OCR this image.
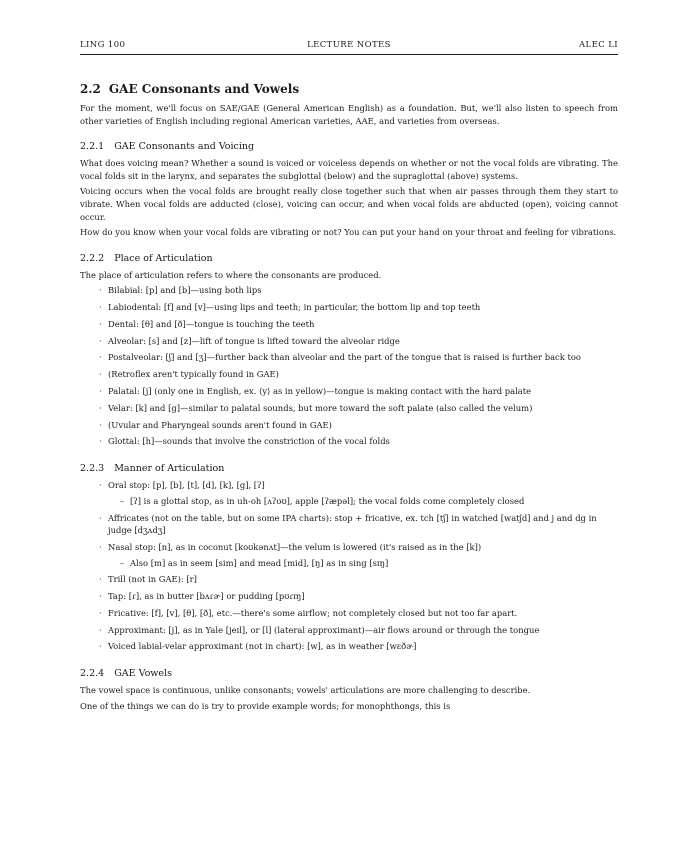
LING 100	LECTURE NOTES	ALEC LI
2.2 GAE Consonants and Vowels

For the moment, we'll focus on SAE/GAE (General American English) as a foundation. But, we'll also listen to speech from other varieties of English including regional American varieties, AAE, and varieties from overseas.

2.2.1 GAE Consonants and Voicing

What does voicing mean? Whether a sound is voiced or voiceless depends on whether or not the vocal folds are vibrating. The vocal folds sit in the larynx, and separates the subglottal (below) and the supraglottal (above) systems.

Voicing occurs when the vocal folds are brought really close together such that when air passes through them they start to vibrate. When vocal folds are adducted (close), voicing can occur, and when vocal folds are abducted (open), voicing cannot occur.

How do you know when your vocal folds are vibrating or not? You can put your hand on your throat and feeling for vibrations.

2.2.2 Place of Articulation

The place of articulation refers to where the consonants are produced.

· Bilabial: [p] and [b]—using both lips
· Labiodental: [f] and [v]—using lips and teeth; in particular, the bottom lip and top teeth
· Dental: [θ] and [ð]—tongue is touching the teeth
· Alveolar: [s] and [z]—lift of tongue is lifted toward the alveolar ridge
· Postalveolar: [ʃ] and [ʒ]—further back than alveolar and the part of the tongue that is raised is further back too
· (Retroflex aren't typically found in GAE)
· Palatal: [j] (only one in English, ex. ⟨y⟩ as in yellow)—tongue is making contact with the hard palate
· Velar: [k] and [g]—similar to palatal sounds, but more toward the soft palate (also called the velum)
· (Uvular and Pharyngeal sounds aren't found in GAE)
· Glottal: [h]—sounds that involve the constriction of the vocal folds
2.2.3 Manner of Articulation
· Oral stop: [p], [b], [t], [d], [k], [g], [ʔ]
– [ʔ] is a glottal stop, as in uh-oh [ʌʔoʊ], apple [ʔæpəl]; the vocal folds come completely closed
· Affricates (not on the table, but on some IPA charts): stop + fricative, ex. tch [tʃ] in watched [watʃd] and j and dg in judge [dʒʌdʒ]
· Nasal stop: [n], as in coconut [koʊkənʌt]—the velum is lowered (it's raised as in the [k])
– Also [m] as in seem [sim] and mead [mid], [ŋ] as in sing [sɪŋ]
· Trill (not in GAE): [r]
· Tap: [ɾ], as in butter [bʌɾɚ] or pudding [pʊɾɪŋ]
· Fricative: [f], [v], [θ], [ð], etc.—there's some airflow; not completely closed but not too far apart.
· Approximant: [j], as in Yale [jeɪl], or [l] (lateral approximant)—air flows around or through the tongue
· Voiced labial-velar approximant (not in chart): [w], as in weather [wɛðɚ]
2.2.4 GAE Vowels

The vowel space is continuous, unlike consonants; vowels' articulations are more challenging to describe.

One of the things we can do is try to provide example words; for monophthongs, this is
